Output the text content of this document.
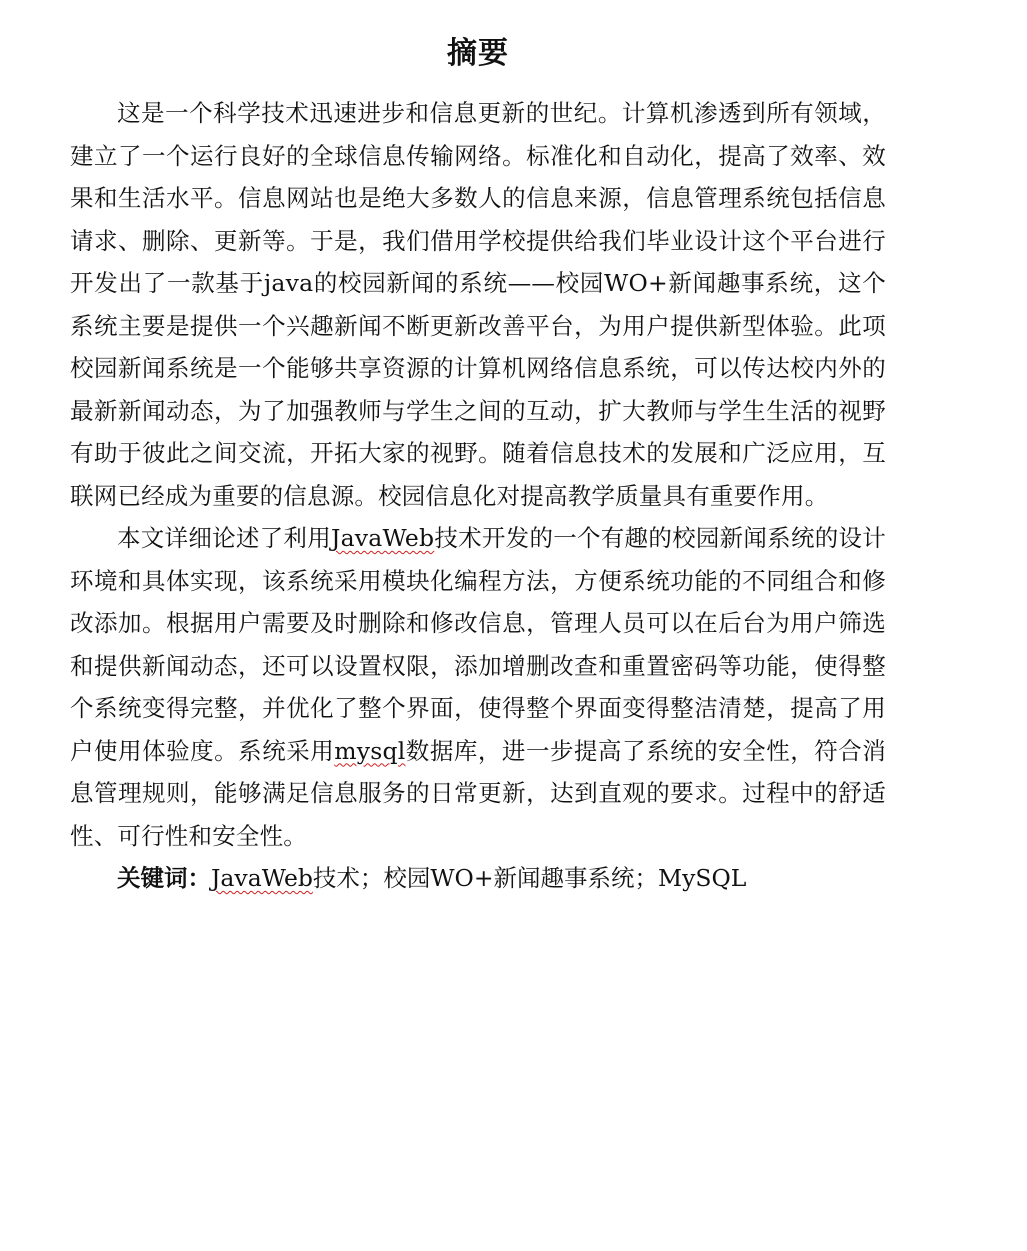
摘要

这是一个科学技术迅速进步和信息更新的世纪。计算机渗透到所有领域，建立了一个运行良好的全球信息传输网络。标准化和自动化，提高了效率、效果和生活水平。信息网站也是绝大多数人的信息来源，信息管理系统包括信息请求、删除、更新等。于是，我们借用学校提供给我们毕业设计这个平台进行开发出了一款基于java的校园新闻的系统——校园WO+新闻趣事系统，这个系统主要是提供一个兴趣新闻不断更新改善平台，为用户提供新型体验。此项校园新闻系统是一个能够共享资源的计算机网络信息系统，可以传达校内外的最新新闻动态，为了加强教师与学生之间的互动，扩大教师与学生生活的视野有助于彼此之间交流，开拓大家的视野。随着信息技术的发展和广泛应用，互联网已经成为重要的信息源。校园信息化对提高教学质量具有重要作用。

本文详细论述了利用JavaWeb技术开发的一个有趣的校园新闻系统的设计环境和具体实现，该系统采用模块化编程方法，方便系统功能的不同组合和修改添加。根据用户需要及时删除和修改信息，管理人员可以在后台为用户筛选和提供新闻动态，还可以设置权限，添加增删改查和重置密码等功能，使得整个系统变得完整，并优化了整个界面，使得整个界面变得整洁清楚，提高了用户使用体验度。系统采用mysql数据库，进一步提高了系统的安全性，符合消息管理规则，能够满足信息服务的日常更新，达到直观的要求。过程中的舒适性、可行性和安全性。

关键词：JavaWeb技术；校园WO+新闻趣事系统；MySQL
